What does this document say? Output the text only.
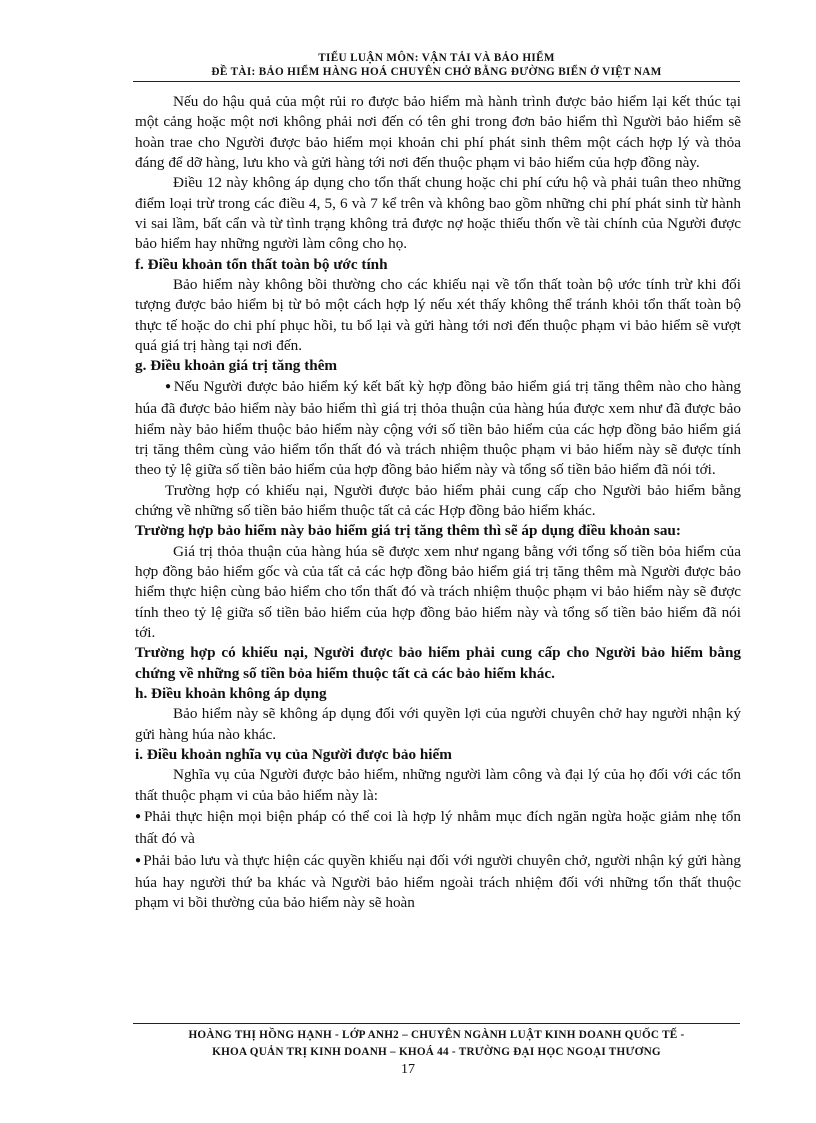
TIỂU LUẬN MÔN: VẬN TẢI VÀ BẢO HIỂM
ĐỀ TÀI: BẢO HIỂM HÀNG HOÁ CHUYÊN CHỞ BẰNG ĐƯỜNG BIỂN Ở VIỆT NAM

Nếu do hậu quả của một rủi ro được bảo hiểm mà hành trình được bảo hiểm lại kết thúc tại một cảng hoặc một nơi không phải nơi đến có tên ghi trong đơn bảo hiểm thì Người bảo hiểm sẽ hoàn trae cho Người được bảo hiểm mọi khoản chi phí phát sinh thêm một cách hợp lý và thỏa đáng để dỡ hàng, lưu kho và gửi hàng tới nơi đến thuộc phạm vi bảo hiểm của hợp đồng này.

Điều 12 này không áp dụng cho tổn thất chung hoặc chi phí cứu hộ và phải tuân theo những điểm loại trừ trong các điều 4, 5, 6 và 7 kể trên và không bao gồm những chi phí phát sinh từ hành vi sai lầm, bất cẩn và từ tình trạng không trả được nợ hoặc thiếu thốn về tài chính của Người được bảo hiểm hay những người làm công cho họ.

f. Điều khoản tổn thất toàn bộ ước tính

Bảo hiểm này không bồi thường cho các khiếu nại về tổn thất toàn bộ ước tính trừ khi đối tượng được bảo hiểm bị từ bỏ một cách hợp lý nếu xét thấy không thể tránh khỏi tổn thất toàn bộ thực tế hoặc do chi phí phục hồi, tu bổ lại và gửi hàng tới nơi đến thuộc phạm vi bảo hiểm sẽ vượt quá giá trị hàng tại nơi đến.

g. Điều khoản giá trị tăng thêm

● Nếu Người được bảo hiểm ký kết bất kỳ hợp đồng bảo hiểm giá trị tăng thêm nào cho hàng húa đã được bảo hiểm này bảo hiểm thì giá trị thỏa thuận của hàng húa được xem như đã được bảo hiểm này bảo hiểm thuộc bảo hiểm này cộng với số tiền bảo hiểm của các hợp đồng bảo hiểm giá trị tăng thêm cùng vảo hiểm tổn thất đó và trách nhiệm thuộc phạm vi bảo hiểm này sẽ được tính theo tỷ lệ giữa số tiền bảo hiểm của hợp đồng bảo hiểm này và tổng số tiền bảo hiểm đã nói tới.

Trường hợp có khiếu nại, Người được bảo hiểm phải cung cấp cho Người bảo hiểm bằng chứng về những số tiền bảo hiểm thuộc tất cả các Hợp đồng bảo hiểm khác.

Trường hợp bảo hiểm này bảo hiểm giá trị tăng thêm thì sẽ áp dụng điều khoản sau:

Giá trị thỏa thuận của hàng húa sẽ được xem như ngang bằng với tổng số tiền bỏa hiểm của hợp đồng bảo hiểm gốc và của tất cả các hợp đồng bảo hiểm giá trị tăng thêm mà Người được bảo hiểm thực hiện cùng bảo hiểm cho tổn thất đó và trách nhiệm thuộc phạm vi bảo hiểm này sẽ được tính theo tỷ lệ giữa số tiền bảo hiểm của hợp đồng bảo hiểm này và tổng số tiền bảo hiểm đã nói tới.

Trường hợp có khiếu nại, Người được bảo hiểm phải cung cấp cho Người bảo hiểm bằng chứng về những số tiền bỏa hiểm thuộc tất cả các bảo hiểm khác.

h. Điều khoản không áp dụng

Bảo hiểm này sẽ không áp dụng đối với quyền lợi của người chuyên chở hay người nhận ký gửi hàng húa nào khác.

i. Điều khoản nghĩa vụ của Người được bảo hiểm

Nghĩa vụ của Người được bảo hiểm, những người làm công và đại lý của họ đối với các tổn thất thuộc phạm vi của bảo hiểm này là:

● Phải thực hiện mọi biện pháp có thể coi là hợp lý nhằm mục đích ngăn ngừa hoặc giảm nhẹ tổn thất đó và

● Phải bảo lưu và thực hiện các quyền khiếu nại đối với người chuyên chở, người nhận ký gửi hàng húa hay người thứ ba khác và Người bảo hiểm ngoài trách nhiệm đối với những tổn thất thuộc phạm vi bồi thường của bảo hiểm này sẽ hoàn

HOÀNG THỊ HỒNG HẠNH - LỚP ANH2 – CHUYÊN NGÀNH LUẬT KINH DOANH QUỐC TẾ -
KHOA QUẢN TRỊ KINH DOANH – KHOÁ 44 - TRƯỜNG ĐẠI HỌC NGOẠI THƯƠNG
17
